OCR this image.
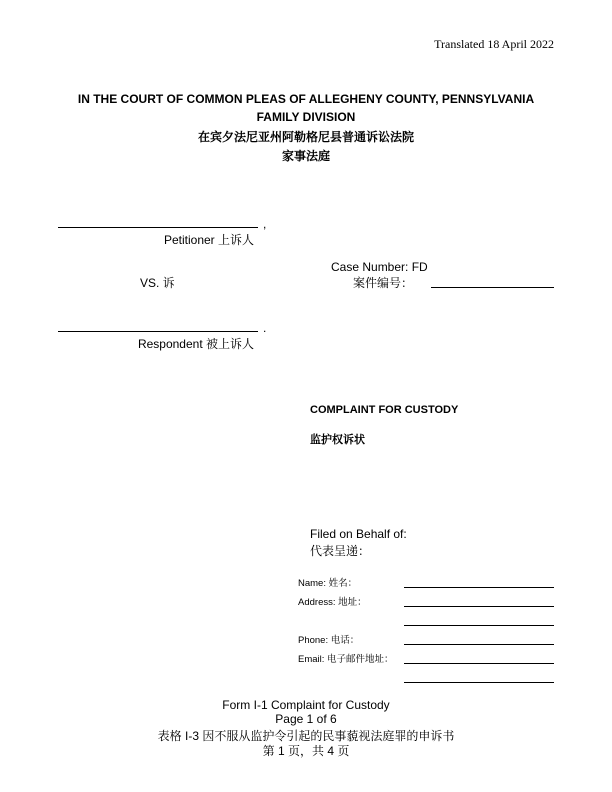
Translated 18 April 2022
IN THE COURT OF COMMON PLEAS OF ALLEGHENY COUNTY, PENNSYLVANIA
FAMILY DIVISION
在宾夕法尼亚州阿勒格尼县普通诉讼法院
家事法庭
,
Petitioner 上诉人
VS. 诉
Case Number: FD
案件编号：
.
Respondent 被上诉人
COMPLAINT FOR CUSTODY
监护权诉状
Filed on Behalf of:
代表呈递：
Name: 姓名：
Address: 地址：
Phone: 电话：
Email: 电子邮件地址：
Form I-1 Complaint for Custody
Page 1 of 6
表格 I-3 因不服从监护令引起的民事藐视法庭罪的申诉书
第 1 页，共 4 页
